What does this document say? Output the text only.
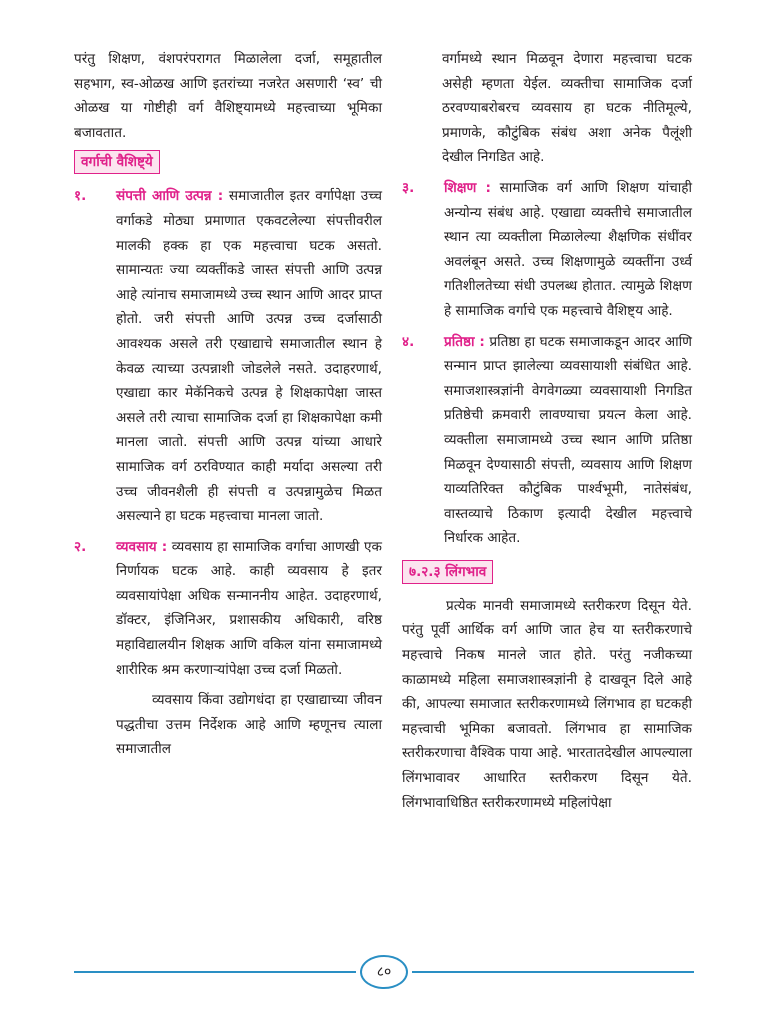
परंतु शिक्षण, वंशपरंपरागत मिळालेला दर्जा, समूहातील सहभाग, स्व-ओळख आणि इतरांच्या नजरेत असणारी ‘स्व’ ची ओळख या गोष्टीही वर्ग वैशिष्ट्यामध्ये महत्त्वाच्या भूमिका बजावतात.

वर्गाची वैशिष्ट्ये
१. संपत्ती आणि उत्पन्न : समाजातील इतर वर्गापेक्षा उच्च वर्गाकडे मोठ्या प्रमाणात एकवटलेल्या संपत्तीवरील मालकी हक्क हा एक महत्त्वाचा घटक असतो. सामान्यतः ज्या व्यक्तींकडे जास्त संपत्ती आणि उत्पन्न आहे त्यांनाच समाजामध्ये उच्च स्थान आणि आदर प्राप्त होतो. जरी संपत्ती आणि उत्पन्न उच्च दर्जासाठी आवश्यक असले तरी एखाद्याचे समाजातील स्थान हे केवळ त्याच्या उत्पन्नाशी जोडलेले नसते. उदाहरणार्थ, एखाद्या कार मेकॅनिकचे उत्पन्न हे शिक्षकापेक्षा जास्त असले तरी त्याचा सामाजिक दर्जा हा शिक्षकापेक्षा कमी मानला जातो. संपत्ती आणि उत्पन्न यांच्या आधारे सामाजिक वर्ग ठरविण्यात काही मर्यादा असल्या तरी उच्च जीवनशैली ही संपत्ती व उत्पन्नामुळेच मिळत असल्याने हा घटक महत्त्वाचा मानला जातो.

२. व्यवसाय : व्यवसाय हा सामाजिक वर्गाचा आणखी एक निर्णायक घटक आहे. काही व्यवसाय हे इतर व्यवसायांपेक्षा अधिक सन्माननीय आहेत. उदाहरणार्थ, डॉक्टर, इंजिनिअर, प्रशासकीय अधिकारी, वरिष्ठ महाविद्यालयीन शिक्षक आणि वकिल यांना समाजामध्ये शारीरिक श्रम करणाऱ्यांपेक्षा उच्च दर्जा मिळतो.

व्यवसाय किंवा उद्योगधंदा हा एखाद्याच्या जीवन पद्धतीचा उत्तम निर्देशक आहे आणि म्हणूनच त्याला समाजातील

वर्गामध्ये स्थान मिळवून देणारा महत्त्वाचा घटक असेही म्हणता येईल. व्यक्तीचा सामाजिक दर्जा ठरवण्याबरोबरच व्यवसाय हा घटक नीतिमूल्ये, प्रमाणके, कौटुंबिक संबंध अशा अनेक पैलूंशी देखील निगडित आहे.

३. शिक्षण : सामाजिक वर्ग आणि शिक्षण यांचाही अन्योन्य संबंध आहे. एखाद्या व्यक्तीचे समाजातील स्थान त्या व्यक्तीला मिळालेल्या शैक्षणिक संधींवर अवलंबून असते. उच्च शिक्षणामुळे व्यक्तींना उर्ध्व गतिशीलतेच्या संधी उपलब्ध होतात. त्यामुळे शिक्षण हे सामाजिक वर्गाचे एक महत्त्वाचे वैशिष्ट्य आहे.

४. प्रतिष्ठा : प्रतिष्ठा हा घटक समाजाकडून आदर आणि सन्मान प्राप्त झालेल्या व्यवसायाशी संबंधित आहे. समाजशास्त्रज्ञांनी वेगवेगळ्या व्यवसायाशी निगडित प्रतिष्ठेची क्रमवारी लावण्याचा प्रयत्न केला आहे. व्यक्तीला समाजामध्ये उच्च स्थान आणि प्रतिष्ठा मिळवून देण्यासाठी संपत्ती, व्यवसाय आणि शिक्षण याव्यतिरिक्त कौटुंबिक पार्श्वभूमी, नातेसंबंध, वास्तव्याचे ठिकाण इत्यादी देखील महत्त्वाचे निर्धारक आहेत.

७.२.३ लिंगभाव

प्रत्येक मानवी समाजामध्ये स्तरीकरण दिसून येते. परंतु पूर्वी आर्थिक वर्ग आणि जात हेच या स्तरीकरणाचे महत्त्वाचे निकष मानले जात होते. परंतु नजीकच्या काळामध्ये महिला समाजशास्त्रज्ञांनी हे दाखवून दिले आहे की, आपल्या समाजात स्तरीकरणामध्ये लिंगभाव हा घटकही महत्त्वाची भूमिका बजावतो. लिंगभाव हा सामाजिक स्तरीकरणाचा वैश्विक पाया आहे. भारतातदेखील आपल्याला लिंगभावावर आधारित स्तरीकरण दिसून येते. लिंगभावाधिष्ठित स्तरीकरणामध्ये महिलांपेक्षा

८०
